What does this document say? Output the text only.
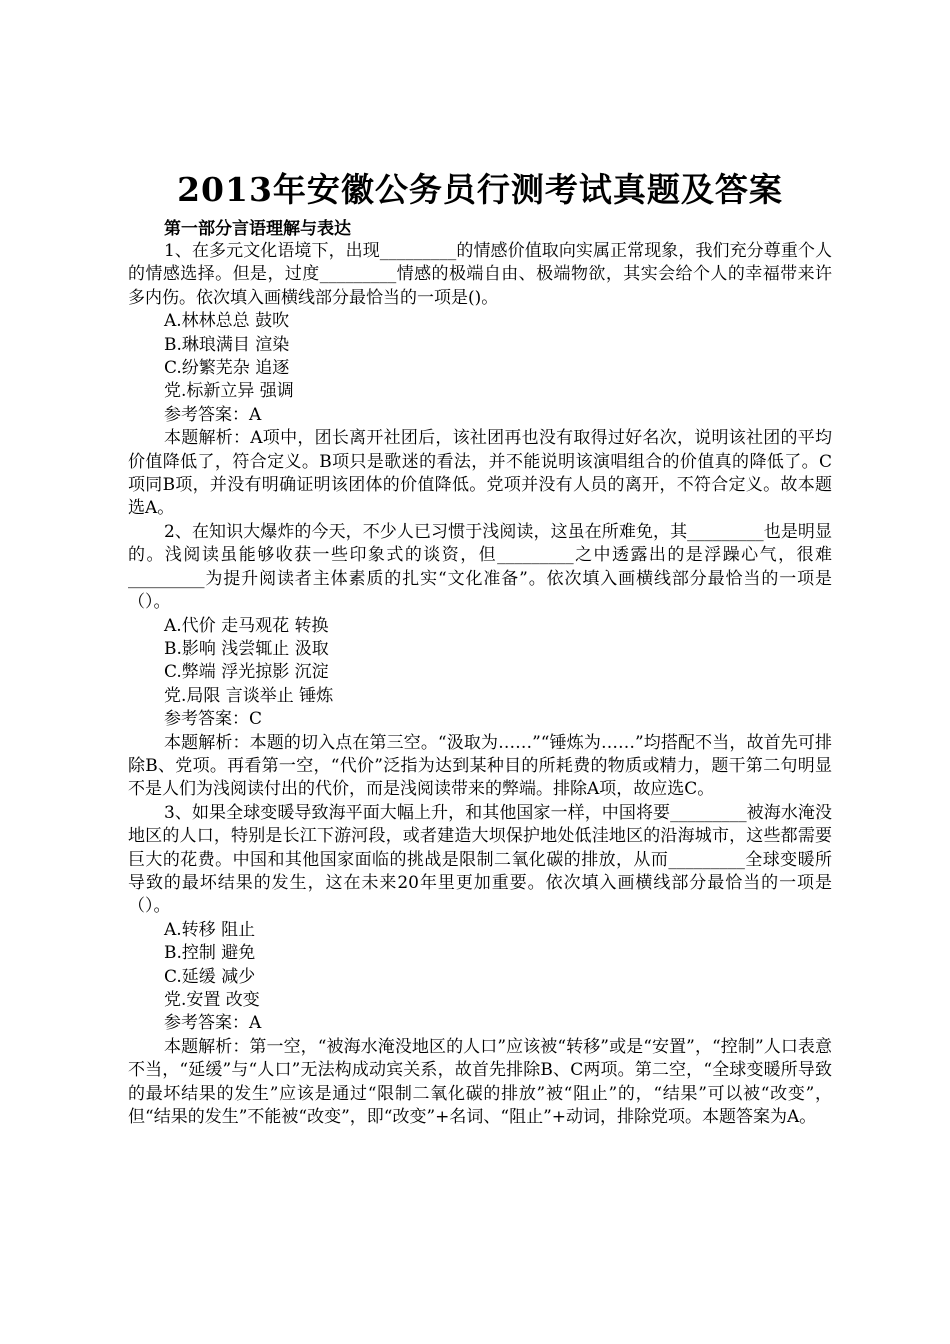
2013年安徽公务员行测考试真题及答案

第一部分言语理解与表达

1、在多元文化语境下，出现_________的情感价值取向实属正常现象，我们充分尊重个人的情感选择。但是，过度_________情感的极端自由、极端物欲，其实会给个人的幸福带来许多内伤。依次填入画横线部分最恰当的一项是()。

A.林林总总 鼓吹

B.琳琅满目 渲染

C.纷繁芜杂 追逐

党.标新立异 强调

参考答案：A

本题解析：A项中，团长离开社团后，该社团再也没有取得过好名次，说明该社团的平均价值降低了，符合定义。B项只是歌迷的看法，并不能说明该演唱组合的价值真的降低了。C项同B项，并没有明确证明该团体的价值降低。党项并没有人员的离开，不符合定义。故本题选A。

2、在知识大爆炸的今天，不少人已习惯于浅阅读，这虽在所难免，其_________也是明显的。浅阅读虽能够收获一些印象式的谈资，但_________之中透露出的是浮躁心气，很难_________为提升阅读者主体素质的扎实“文化准备”。依次填入画横线部分最恰当的一项是（）。

A.代价 走马观花 转换

B.影响 浅尝辄止 汲取

C.弊端 浮光掠影 沉淀

党.局限 言谈举止 锤炼

参考答案：C

本题解析：本题的切入点在第三空。“汲取为……”“锤炼为……”均搭配不当，故首先可排除B、党项。再看第一空，“代价”泛指为达到某种目的所耗费的物质或精力，题干第二句明显不是人们为浅阅读付出的代价，而是浅阅读带来的弊端。排除A项，故应选C。

3、如果全球变暖导致海平面大幅上升，和其他国家一样，中国将要_________被海水淹没地区的人口，特别是长江下游河段，或者建造大坝保护地处低洼地区的沿海城市，这些都需要巨大的花费。中国和其他国家面临的挑战是限制二氧化碳的排放，从而_________全球变暖所导致的最坏结果的发生，这在未来20年里更加重要。依次填入画横线部分最恰当的一项是（）。

A.转移 阻止

B.控制 避免

C.延缓 减少

党.安置 改变

参考答案：A

本题解析：第一空，“被海水淹没地区的人口”应该被“转移”或是“安置”，“控制”人口表意不当，“延缓”与“人口”无法构成动宾关系，故首先排除B、C两项。第二空，“全球变暖所导致的最坏结果的发生”应该是通过“限制二氧化碳的排放”被“阻止”的，“结果”可以被“改变”，但“结果的发生”不能被“改变”，即“改变”+名词、“阻止”+动词，排除党项。本题答案为A。
